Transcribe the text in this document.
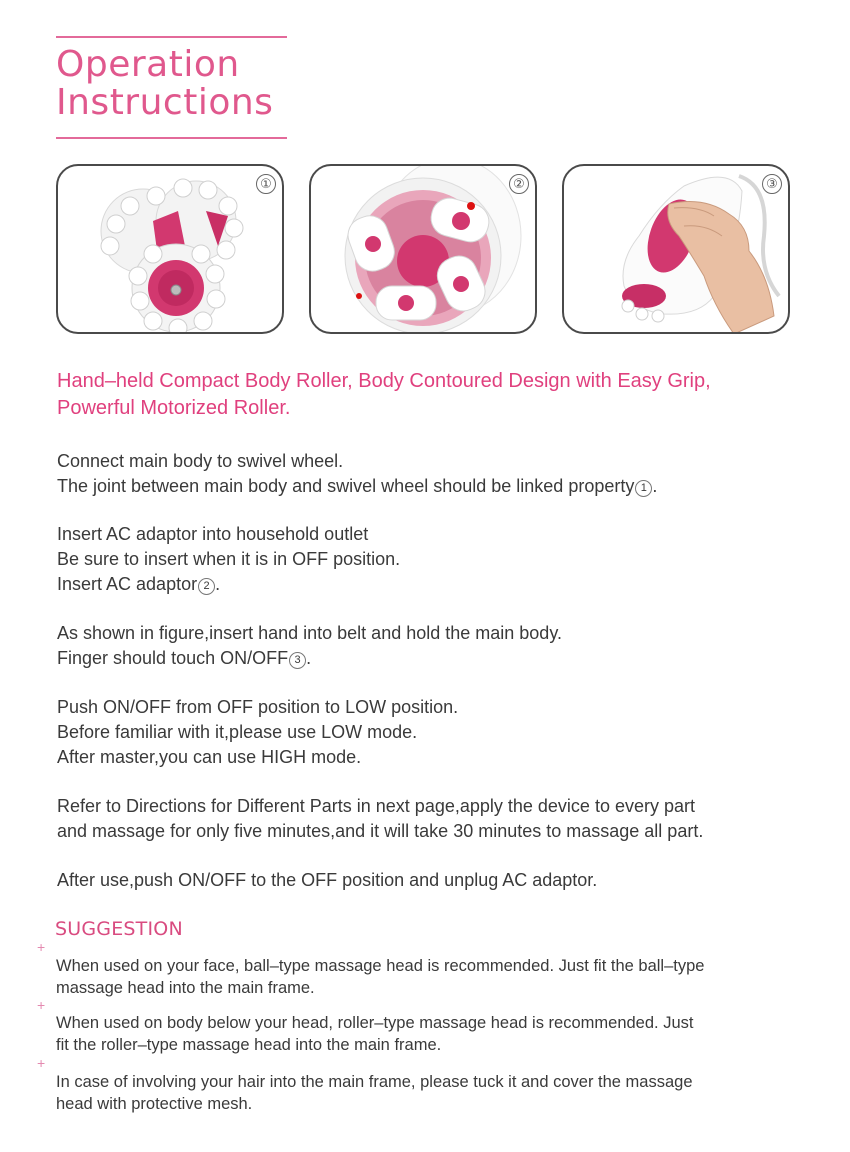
Operation
Instructions
①	②	③
Hand–held Compact Body Roller, Body Contoured Design with Easy Grip,
Powerful Motorized Roller.

Connect main body to swivel wheel.
The joint between main body and swivel wheel should be linked property 1 .

Insert AC adaptor into household outlet
Be sure to insert when it is in OFF position.
Insert AC adaptor 2 .

As shown in figure,insert hand into belt and hold the main body.
Finger should touch ON/OFF 3 .

Push ON/OFF from OFF position to LOW position.
Before familiar with it,please use LOW mode.
After master,you can use HIGH mode.

Refer to Directions for Different Parts in next page,apply the device to every part
and massage for only five minutes,and it will take 30 minutes to massage all part.

After use,push ON/OFF to the OFF position and unplug AC adaptor.

SUGGESTION
+

When used on your face, ball–type massage head is recommended. Just fit the ball–type
massage head into the main frame.

+

When used on body below your head, roller–type massage head is recommended. Just
fit the roller–type massage head into the main frame.

+

In case of involving your hair into the main frame, please tuck it and cover the massage
head with protective mesh.
